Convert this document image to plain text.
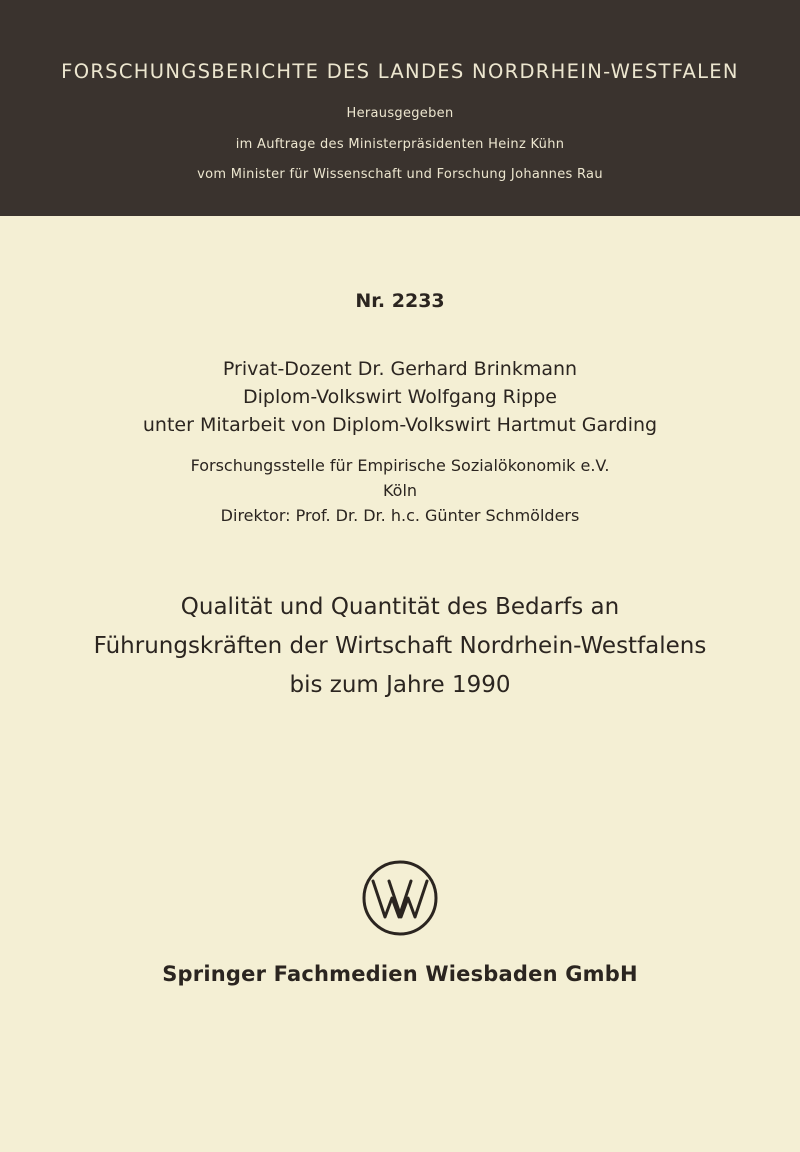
FORSCHUNGSBERICHTE DES LANDES NORDRHEIN-WESTFALEN
Herausgegeben
im Auftrage des Ministerpräsidenten Heinz Kühn
vom Minister für Wissenschaft und Forschung Johannes Rau
Nr. 2233
Privat-Dozent Dr. Gerhard Brinkmann
Diplom-Volkswirt Wolfgang Rippe
unter Mitarbeit von Diplom-Volkswirt Hartmut Garding
Forschungsstelle für Empirische Sozialökonomik e.V.
Köln
Direktor: Prof. Dr. Dr. h.c. Günter Schmölders
Qualität und Quantität des Bedarfs an
Führungskräften der Wirtschaft Nordrhein-Westfalens
bis zum Jahre 1990
Springer Fachmedien Wiesbaden GmbH
